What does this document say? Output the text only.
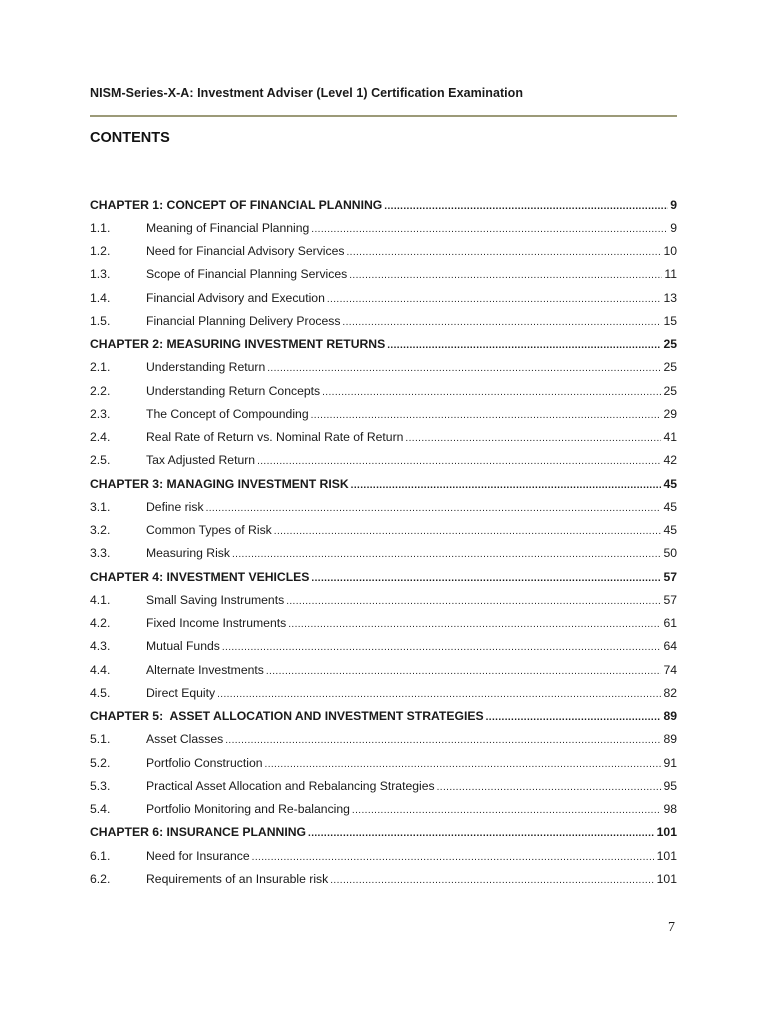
NISM-Series-X-A: Investment Adviser (Level 1) Certification Examination
CONTENTS
CHAPTER 1: CONCEPT OF FINANCIAL PLANNING .....	9
1.1.	Meaning of Financial Planning .....	9
1.2.	Need for Financial Advisory Services .....	10
1.3.	Scope of Financial Planning Services .....	11
1.4.	Financial Advisory and Execution .....	13
1.5.	Financial Planning Delivery Process .....	15
CHAPTER 2: MEASURING INVESTMENT RETURNS .....	25
2.1.	Understanding Return .....	25
2.2.	Understanding Return Concepts .....	25
2.3.	The Concept of Compounding .....	29
2.4.	Real Rate of Return vs. Nominal Rate of Return .....	41
2.5.	Tax Adjusted Return .....	42
CHAPTER 3: MANAGING INVESTMENT RISK .....	45
3.1.	Define risk .....	45
3.2.	Common Types of Risk .....	45
3.3.	Measuring Risk .....	50
CHAPTER 4: INVESTMENT VEHICLES .....	57
4.1.	Small Saving Instruments .....	57
4.2.	Fixed Income Instruments .....	61
4.3.	Mutual Funds .....	64
4.4.	Alternate Investments .....	74
4.5.	Direct Equity .....	82
CHAPTER 5:  ASSET ALLOCATION AND INVESTMENT STRATEGIES .....	89
5.1.	Asset Classes .....	89
5.2.	Portfolio Construction .....	91
5.3.	Practical Asset Allocation and Rebalancing Strategies .....	95
5.4.	Portfolio Monitoring and Re-balancing .....	98
CHAPTER 6: INSURANCE PLANNING .....	101
6.1.	Need for Insurance .....	101
6.2.	Requirements of an Insurable risk .....	101
7
